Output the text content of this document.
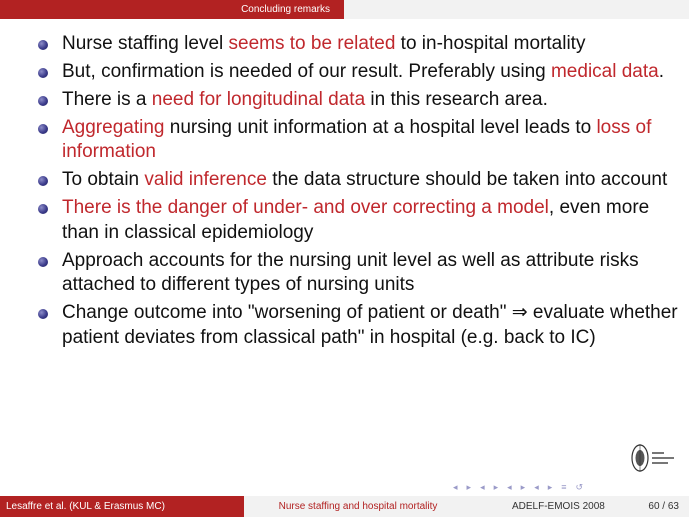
Concluding remarks
Nurse staffing level seems to be related to in-hospital mortality
But, confirmation is needed of our result. Preferably using medical data.
There is a need for longitudinal data in this research area.
Aggregating nursing unit information at a hospital level leads to loss of information
To obtain valid inference the data structure should be taken into account
There is the danger of under- and over correcting a model, even more than in classical epidemiology
Approach accounts for the nursing unit level as well as attribute risks attached to different types of nursing units
Change outcome into "worsening of patient or death" ⇒ evaluate whether patient deviates from classical path" in hospital (e.g. back to IC)
◂ ▸ ◂ ▸ ◂ ▸ ◂ ▸ ≡ ↺
Lesaffre et al. (KUL & Erasmus MC)	Nurse staffing and hospital mortality	ADELF-EMOIS 2008	60 / 63
